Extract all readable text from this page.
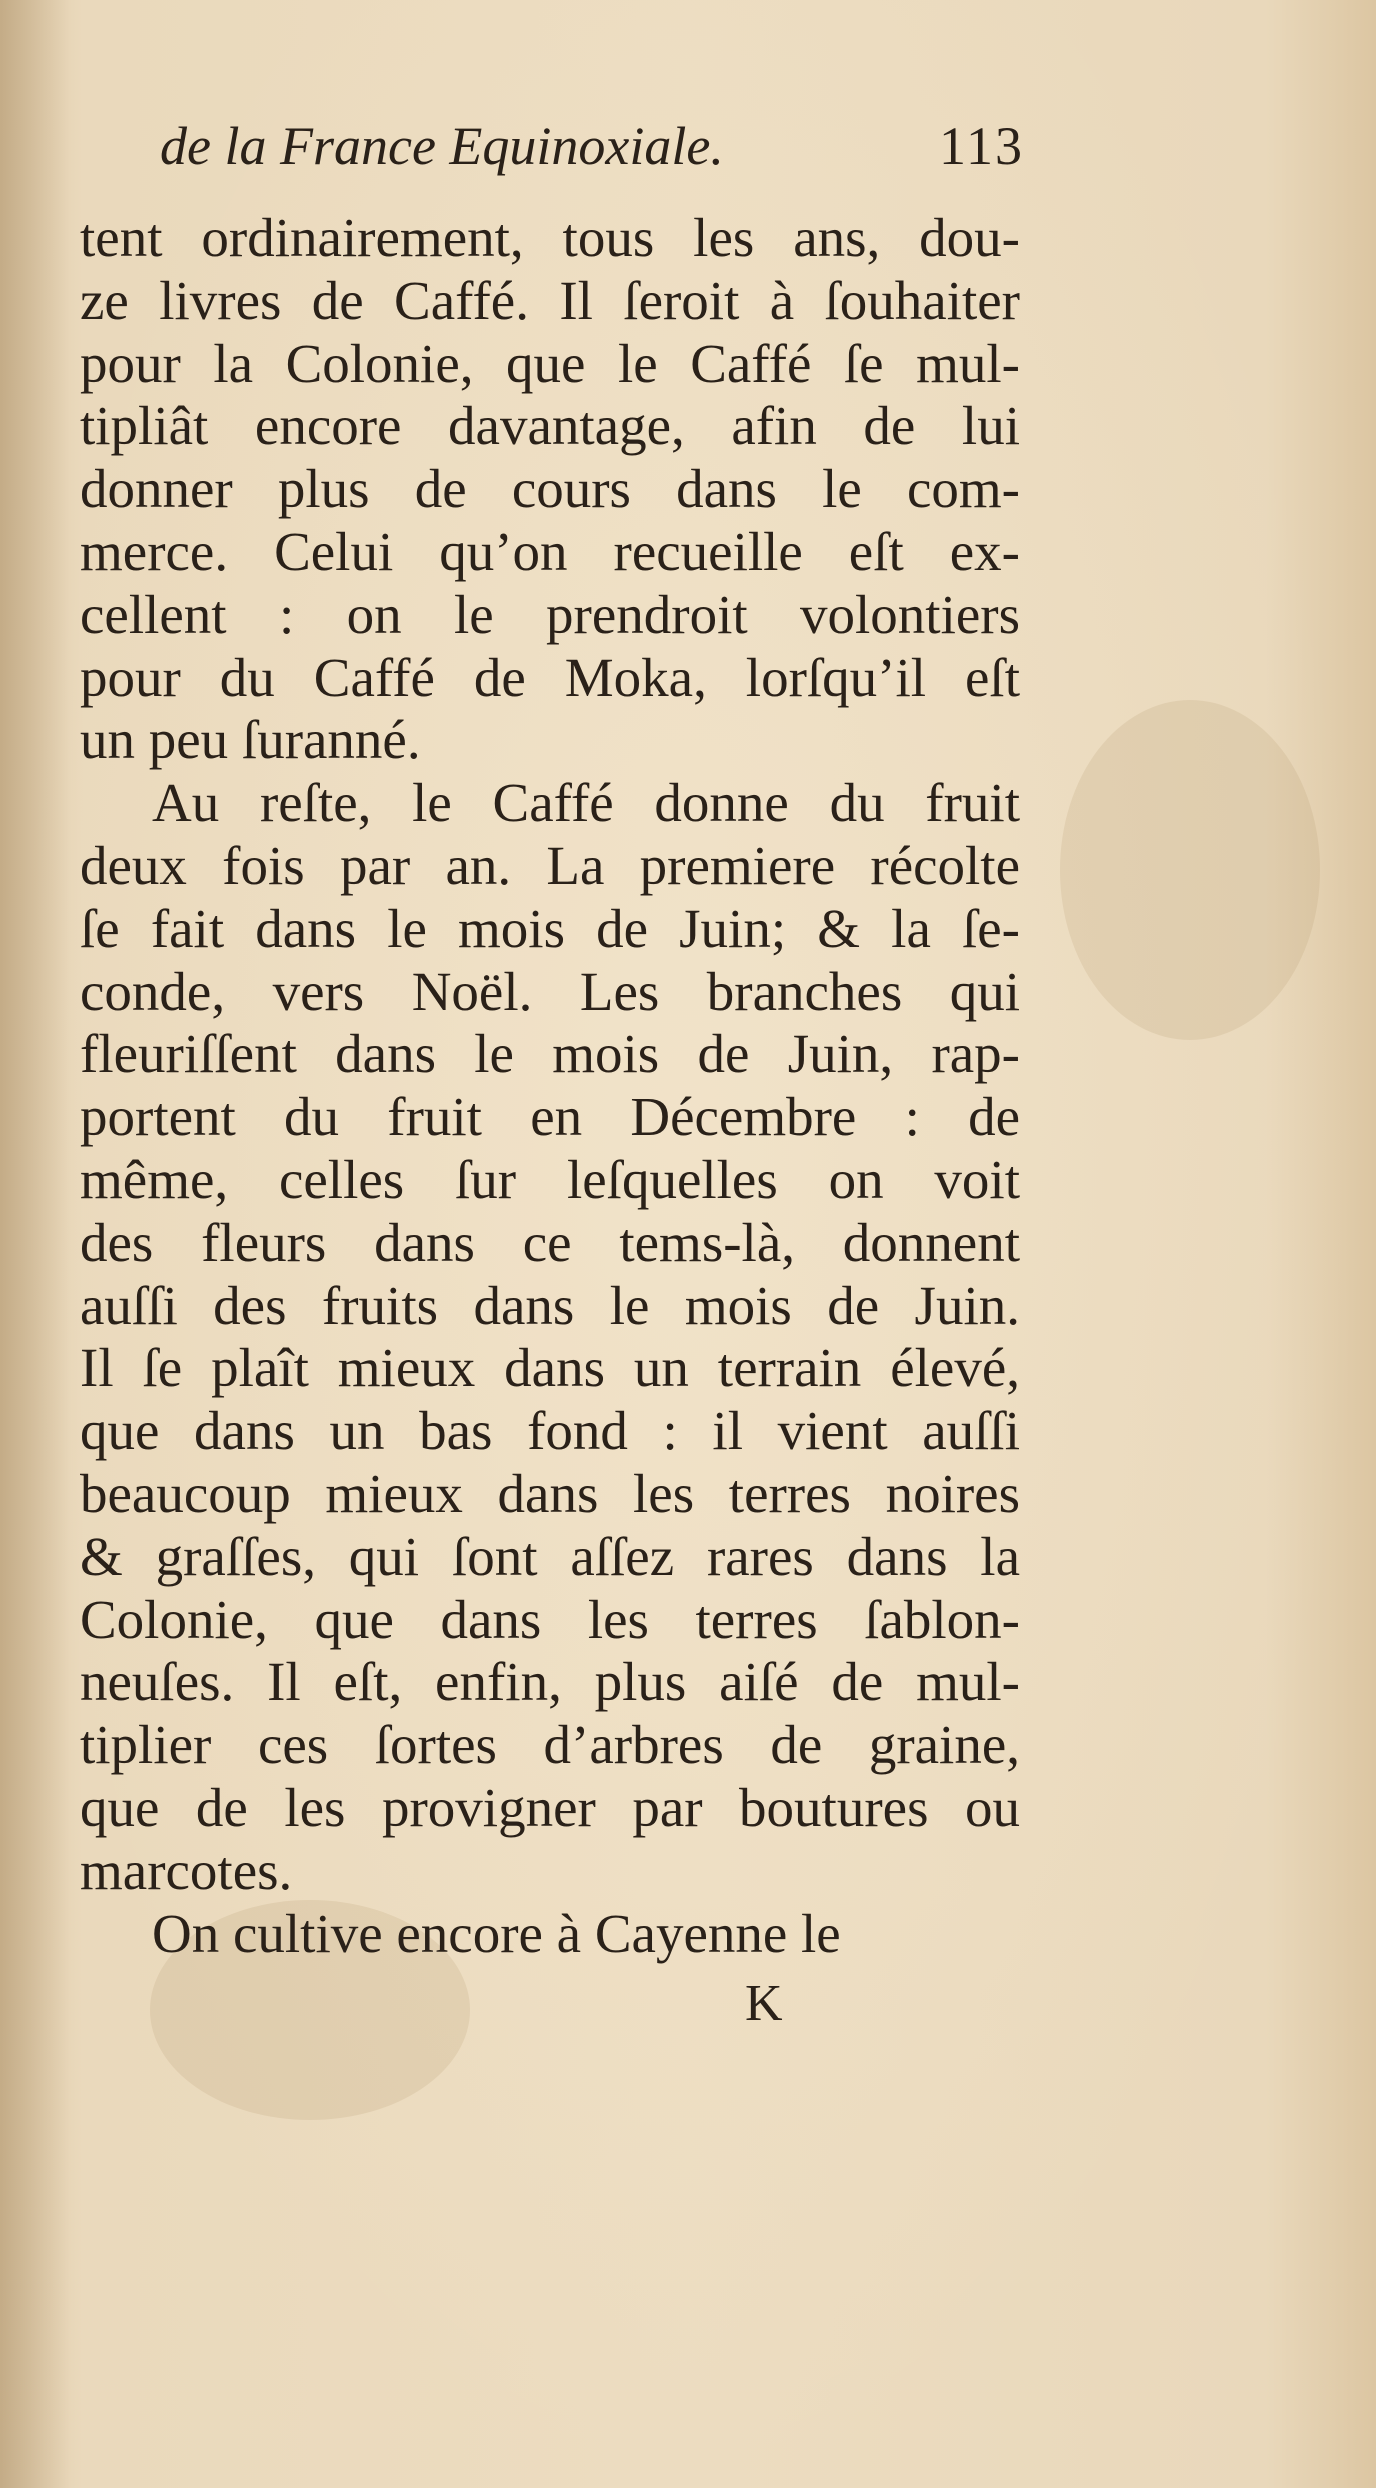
de la France Equinoxiale.	113
tent ordinairement, tous les ans, dou-
ze livres de Caffé. Il ſeroit à ſouhaiter
pour la Colonie, que le Caffé ſe mul-
tipliât encore davantage, afin de lui
donner plus de cours dans le com-
merce. Celui qu’on recueille eſt ex-
cellent : on le prendroit volontiers
pour du Caffé de Moka, lorſqu’il eſt
un peu ſuranné.
Au reſte, le Caffé donne du fruit
deux fois par an. La premiere récolte
ſe fait dans le mois de Juin; & la ſe-
conde, vers Noël. Les branches qui
fleuriſſent dans le mois de Juin, rap-
portent du fruit en Décembre : de
même, celles ſur leſquelles on voit
des fleurs dans ce tems-là, donnent
auſſi des fruits dans le mois de Juin.
Il ſe plaît mieux dans un terrain élevé,
que dans un bas fond : il vient auſſi
beaucoup mieux dans les terres noires
& graſſes, qui ſont aſſez rares dans la
Colonie, que dans les terres ſablon-
neuſes. Il eſt, enfin, plus aiſé de mul-
tiplier ces ſortes d’arbres de graine,
que de les provigner par boutures ou
marcotes.
On cultive encore à Cayenne le
K
